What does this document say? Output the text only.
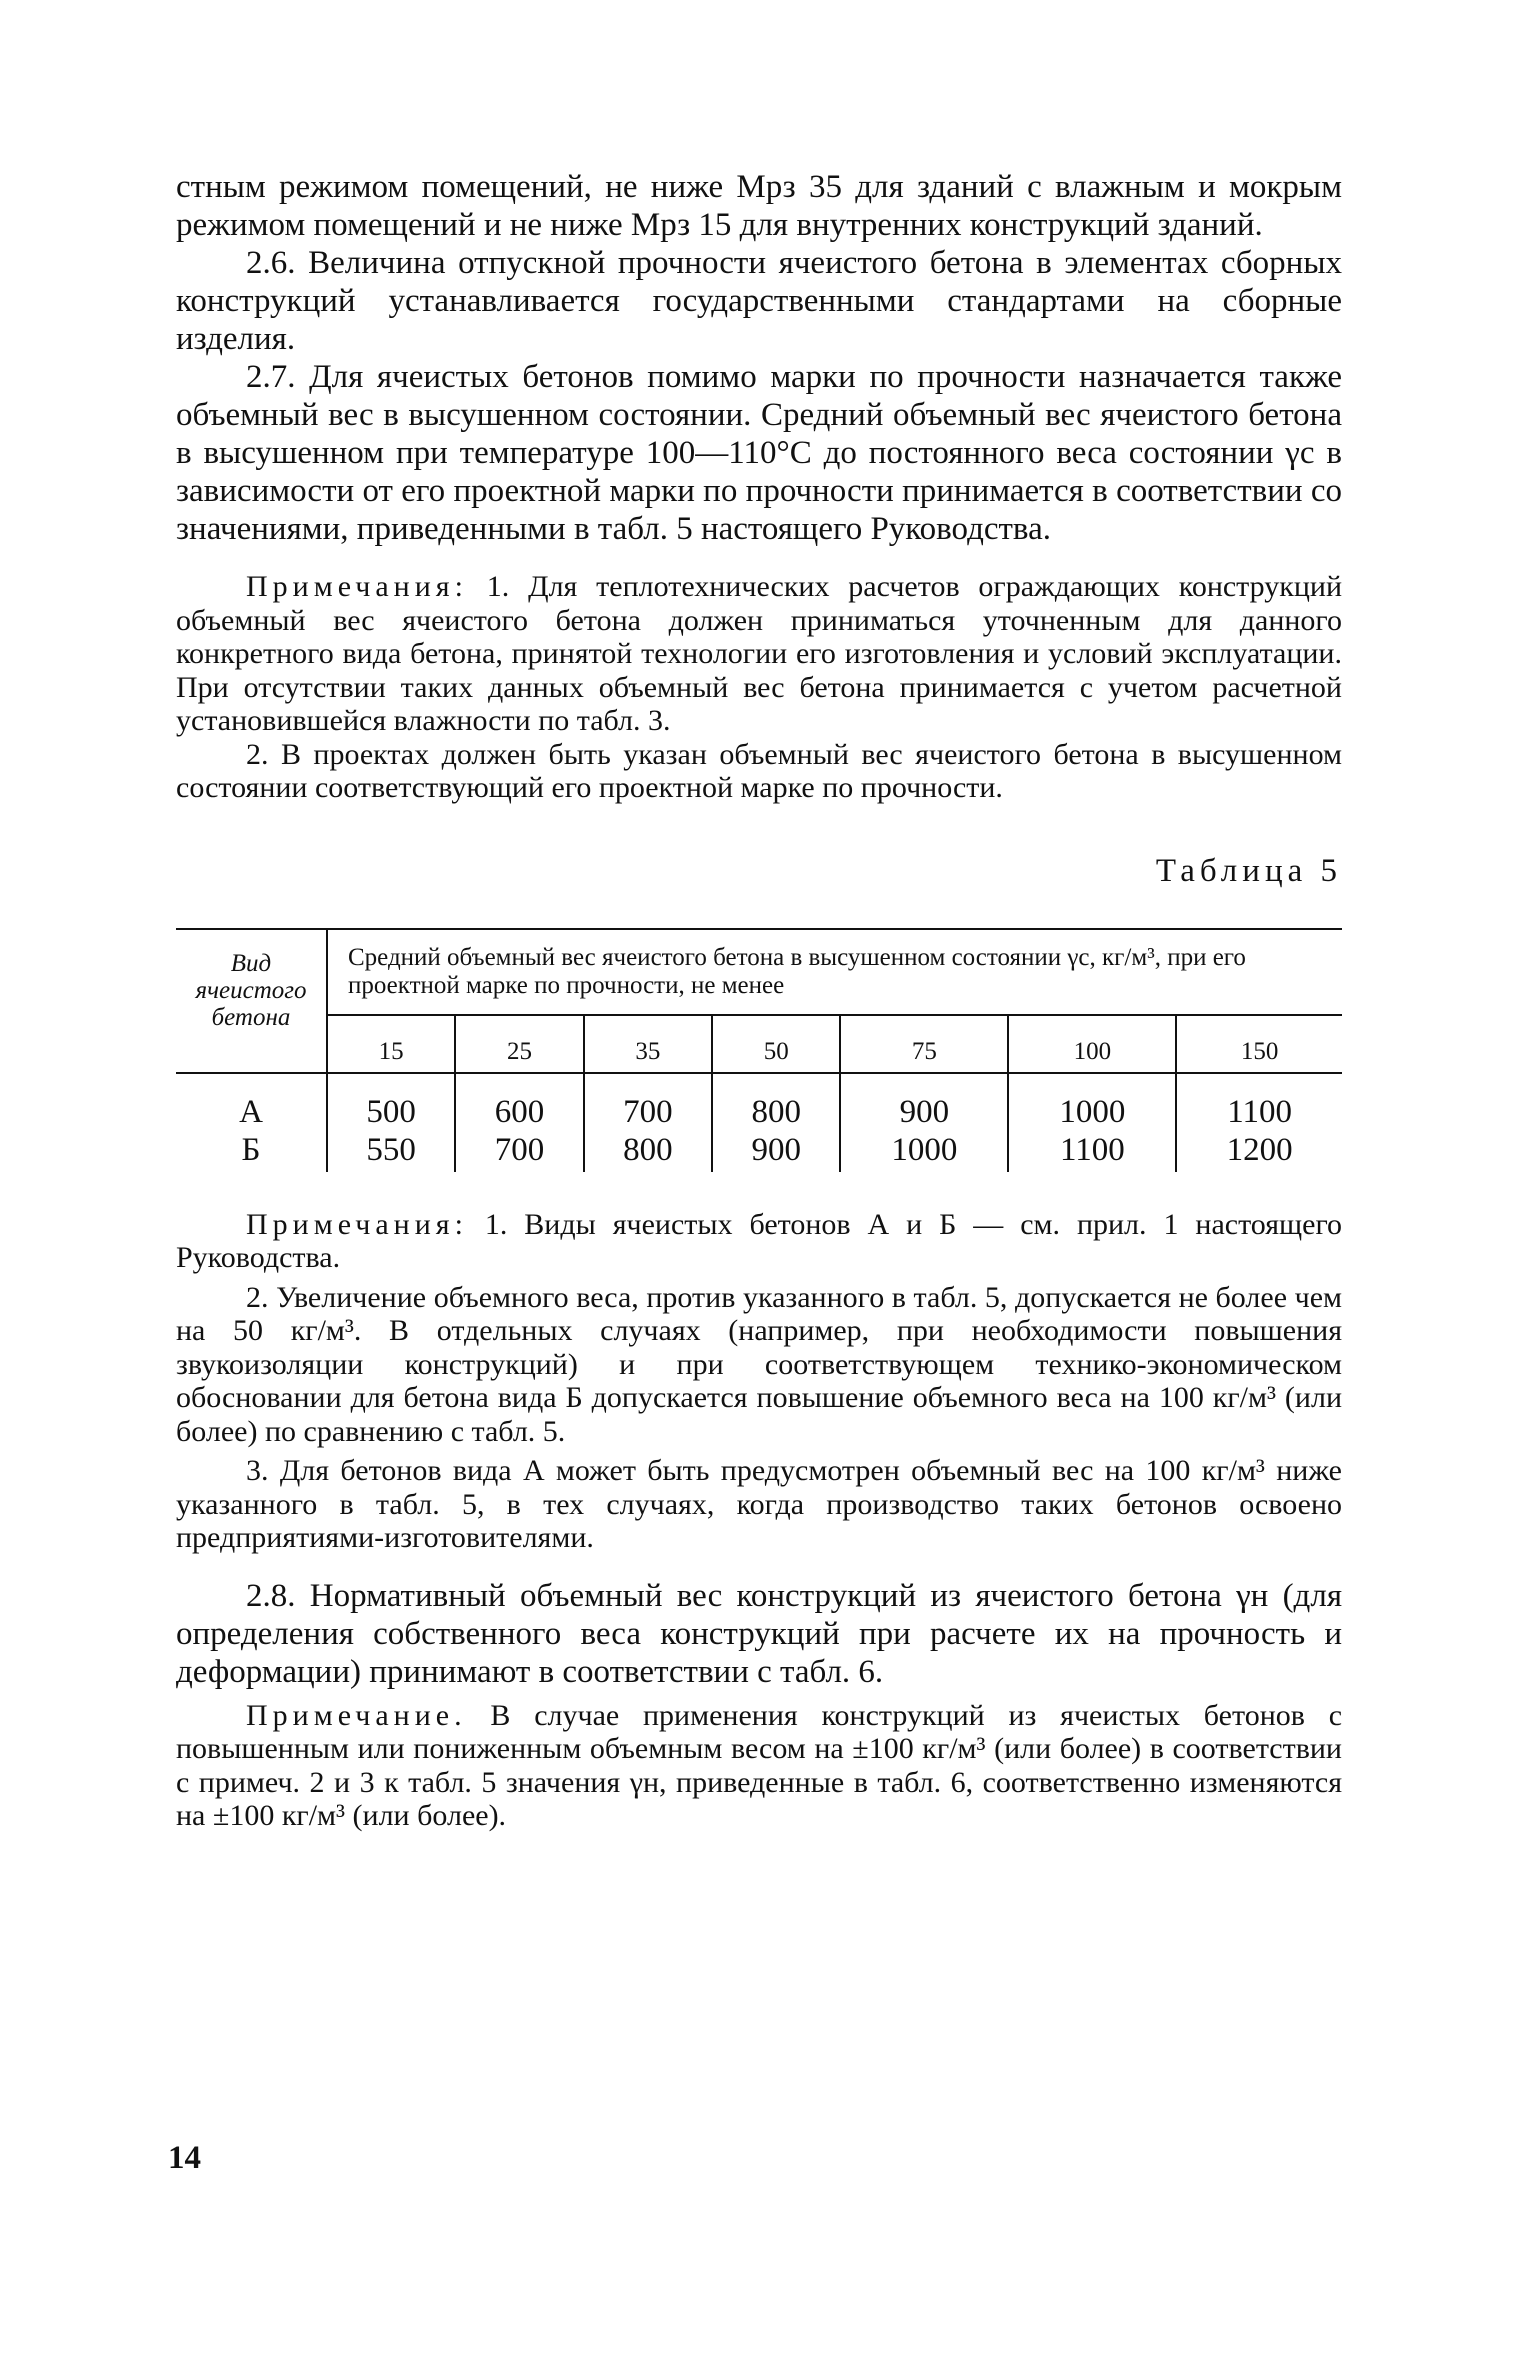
стным режимом помещений, не ниже Мрз 35 для зданий с влажным и мокрым режимом помещений и не ниже Мрз 15 для внутренних конструкций зданий.

2.6. Величина отпускной прочности ячеистого бетона в элементах сборных конструкций устанавливается государственными стандартами на сборные изделия.

2.7. Для ячеистых бетонов помимо марки по прочности назначается также объемный вес в высушенном состоянии. Средний объемный вес ячеистого бетона в высушенном при температуре 100—110°С до постоянного веса состоянии γс в зависимости от его проектной марки по прочности принимается в соответствии со значениями, приведенными в табл. 5 настоящего Руководства.

Примечания: 1. Для теплотехнических расчетов ограждающих конструкций объемный вес ячеистого бетона должен приниматься уточненным для данного конкретного вида бетона, принятой технологии его изготовления и условий эксплуатации. При отсутствии таких данных объемный вес бетона принимается с учетом расчетной установившейся влажности по табл. 3.

2. В проектах должен быть указан объемный вес ячеистого бетона в высушенном состоянии соответствующий его проектной марке по прочности.

Таблица 5
Вид ячеистого бетона	Средний объемный вес ячеистого бетона в высушенном состоянии γс, кг/м³, при его проектной марке по прочности, не менее						
	15	25	35	50	75	100	150
А	500	600	700	800	900	1000	1100
Б	550	700	800	900	1000	1100	1200

Примечания: 1. Виды ячеистых бетонов А и Б — см. прил. 1 настоящего Руководства.

2. Увеличение объемного веса, против указанного в табл. 5, допускается не более чем на 50 кг/м³. В отдельных случаях (например, при необходимости повышения звукоизоляции конструкций) и при соответствующем технико-экономическом обосновании для бетона вида Б допускается повышение объемного веса на 100 кг/м³ (или более) по сравнению с табл. 5.

3. Для бетонов вида А может быть предусмотрен объемный вес на 100 кг/м³ ниже указанного в табл. 5, в тех случаях, когда производство таких бетонов освоено предприятиями-изготовителями.

2.8. Нормативный объемный вес конструкций из ячеистого бетона γн (для определения собственного веса конструкций при расчете их на прочность и деформации) принимают в соответствии с табл. 6.

Примечание. В случае применения конструкций из ячеистых бетонов с повышенным или пониженным объемным весом на ±100 кг/м³ (или более) в соответствии с примеч. 2 и 3 к табл. 5 значения γн, приведенные в табл. 6, соответственно изменяются на ±100 кг/м³ (или более).

14
